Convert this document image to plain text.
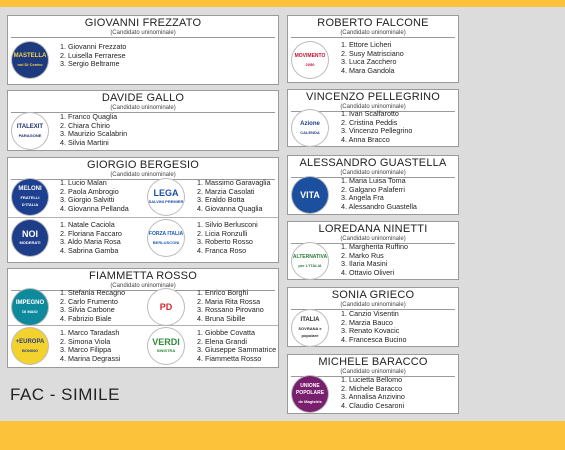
GIOVANNI FREZZATO
(Candidato uninominale)
MASTELLA
noi Di Centro
1. Giovanni Frezzato
2. Luisella Ferrarese
3. Sergio Beltrame
DAVIDE GALLO
(Candidato uninominale)
ITALEXIT
PARAGONE
1. Franco Quaglia
2. Chiara Chirio
3. Maurizio Scalabrin
4. Silvia Martini
GIORGIO BERGESIO
(Candidato uninominale)
MELONI
FRATELLI D'ITALIA
1. Lucio Malan
2. Paola Ambrogio
3. Giorgio Salvitti
4. Giovanna Pellanda
LEGA
SALVINI PREMIER
1. Massimo Garavaglia
2. Marzia Casolati
3. Eraldo Botta
4. Giovanna Quaglia
NOI
MODERATI
1. Natale Caciola
2. Floriana Faccaro
3. Aldo Maria Rosa
4. Sabrina Gamba
FORZA ITALIA
BERLUSCONI
1. Silvio Berlusconi
2. Licia Ronzulli
3. Roberto Rosso
4. Franca Roso
FIAMMETTA ROSSO
(Candidato uninominale)
IMPEGNO
DI MAIO
1. Stefania Recagno
2. Carlo Frumento
3. Silvia Carbone
4. Fabrizio Biale
PD
1. Enrico Borghi
2. Maria Rita Rossa
3. Rossano Pirovano
4. Bruna Sibille
+EUROPA
BONINO
1. Marco Taradash
2. Simona Viola
3. Marco Filippa
4. Marina Degrassi
VERDI
SINISTRA
1. Giobbe Covatta
2. Elena Grandi
3. Giuseppe Sammatrice
4. Fiammetta Rosso
ROBERTO FALCONE
(Candidato uninominale)
MOVIMENTO
2050
1. Ettore Licheri
2. Susy Matrisciano
3. Luca Zacchero
4. Mara Gandola
VINCENZO PELLEGRINO
(Candidato uninominale)
Azione
CALENDA
1. Ivan Scalfarotto
2. Cristina Peddis
3. Vincenzo Pellegrino
4. Anna Bracco
ALESSANDRO GUASTELLA
(Candidato uninominale)
VITA
1. Maria Luisa Toma
2. Galgano Palaferri
3. Angela Fra
4. Alessandro Guastella
LOREDANA NINETTI
(Candidato uninominale)
ALTERNATIVA
per L'ITALIA
1. Margherita Ruffino
2. Marko Rus
3. Ilaria Masini
4. Ottavio Oliveri
SONIA GRIECO
(Candidato uninominale)
ITALIA
SOVRANA e popolare
1. Canzio Visentin
2. Marzia Bauco
3. Renato Kovacic
4. Francesca Bucino
MICHELE BARACCO
(Candidato uninominale)
UNIONE POPOLARE
de Magistris
1. Lucietta Bellomo
2. Michele Baracco
3. Annalisa Anzivino
4. Claudio Cesaroni
FAC - SIMILE
